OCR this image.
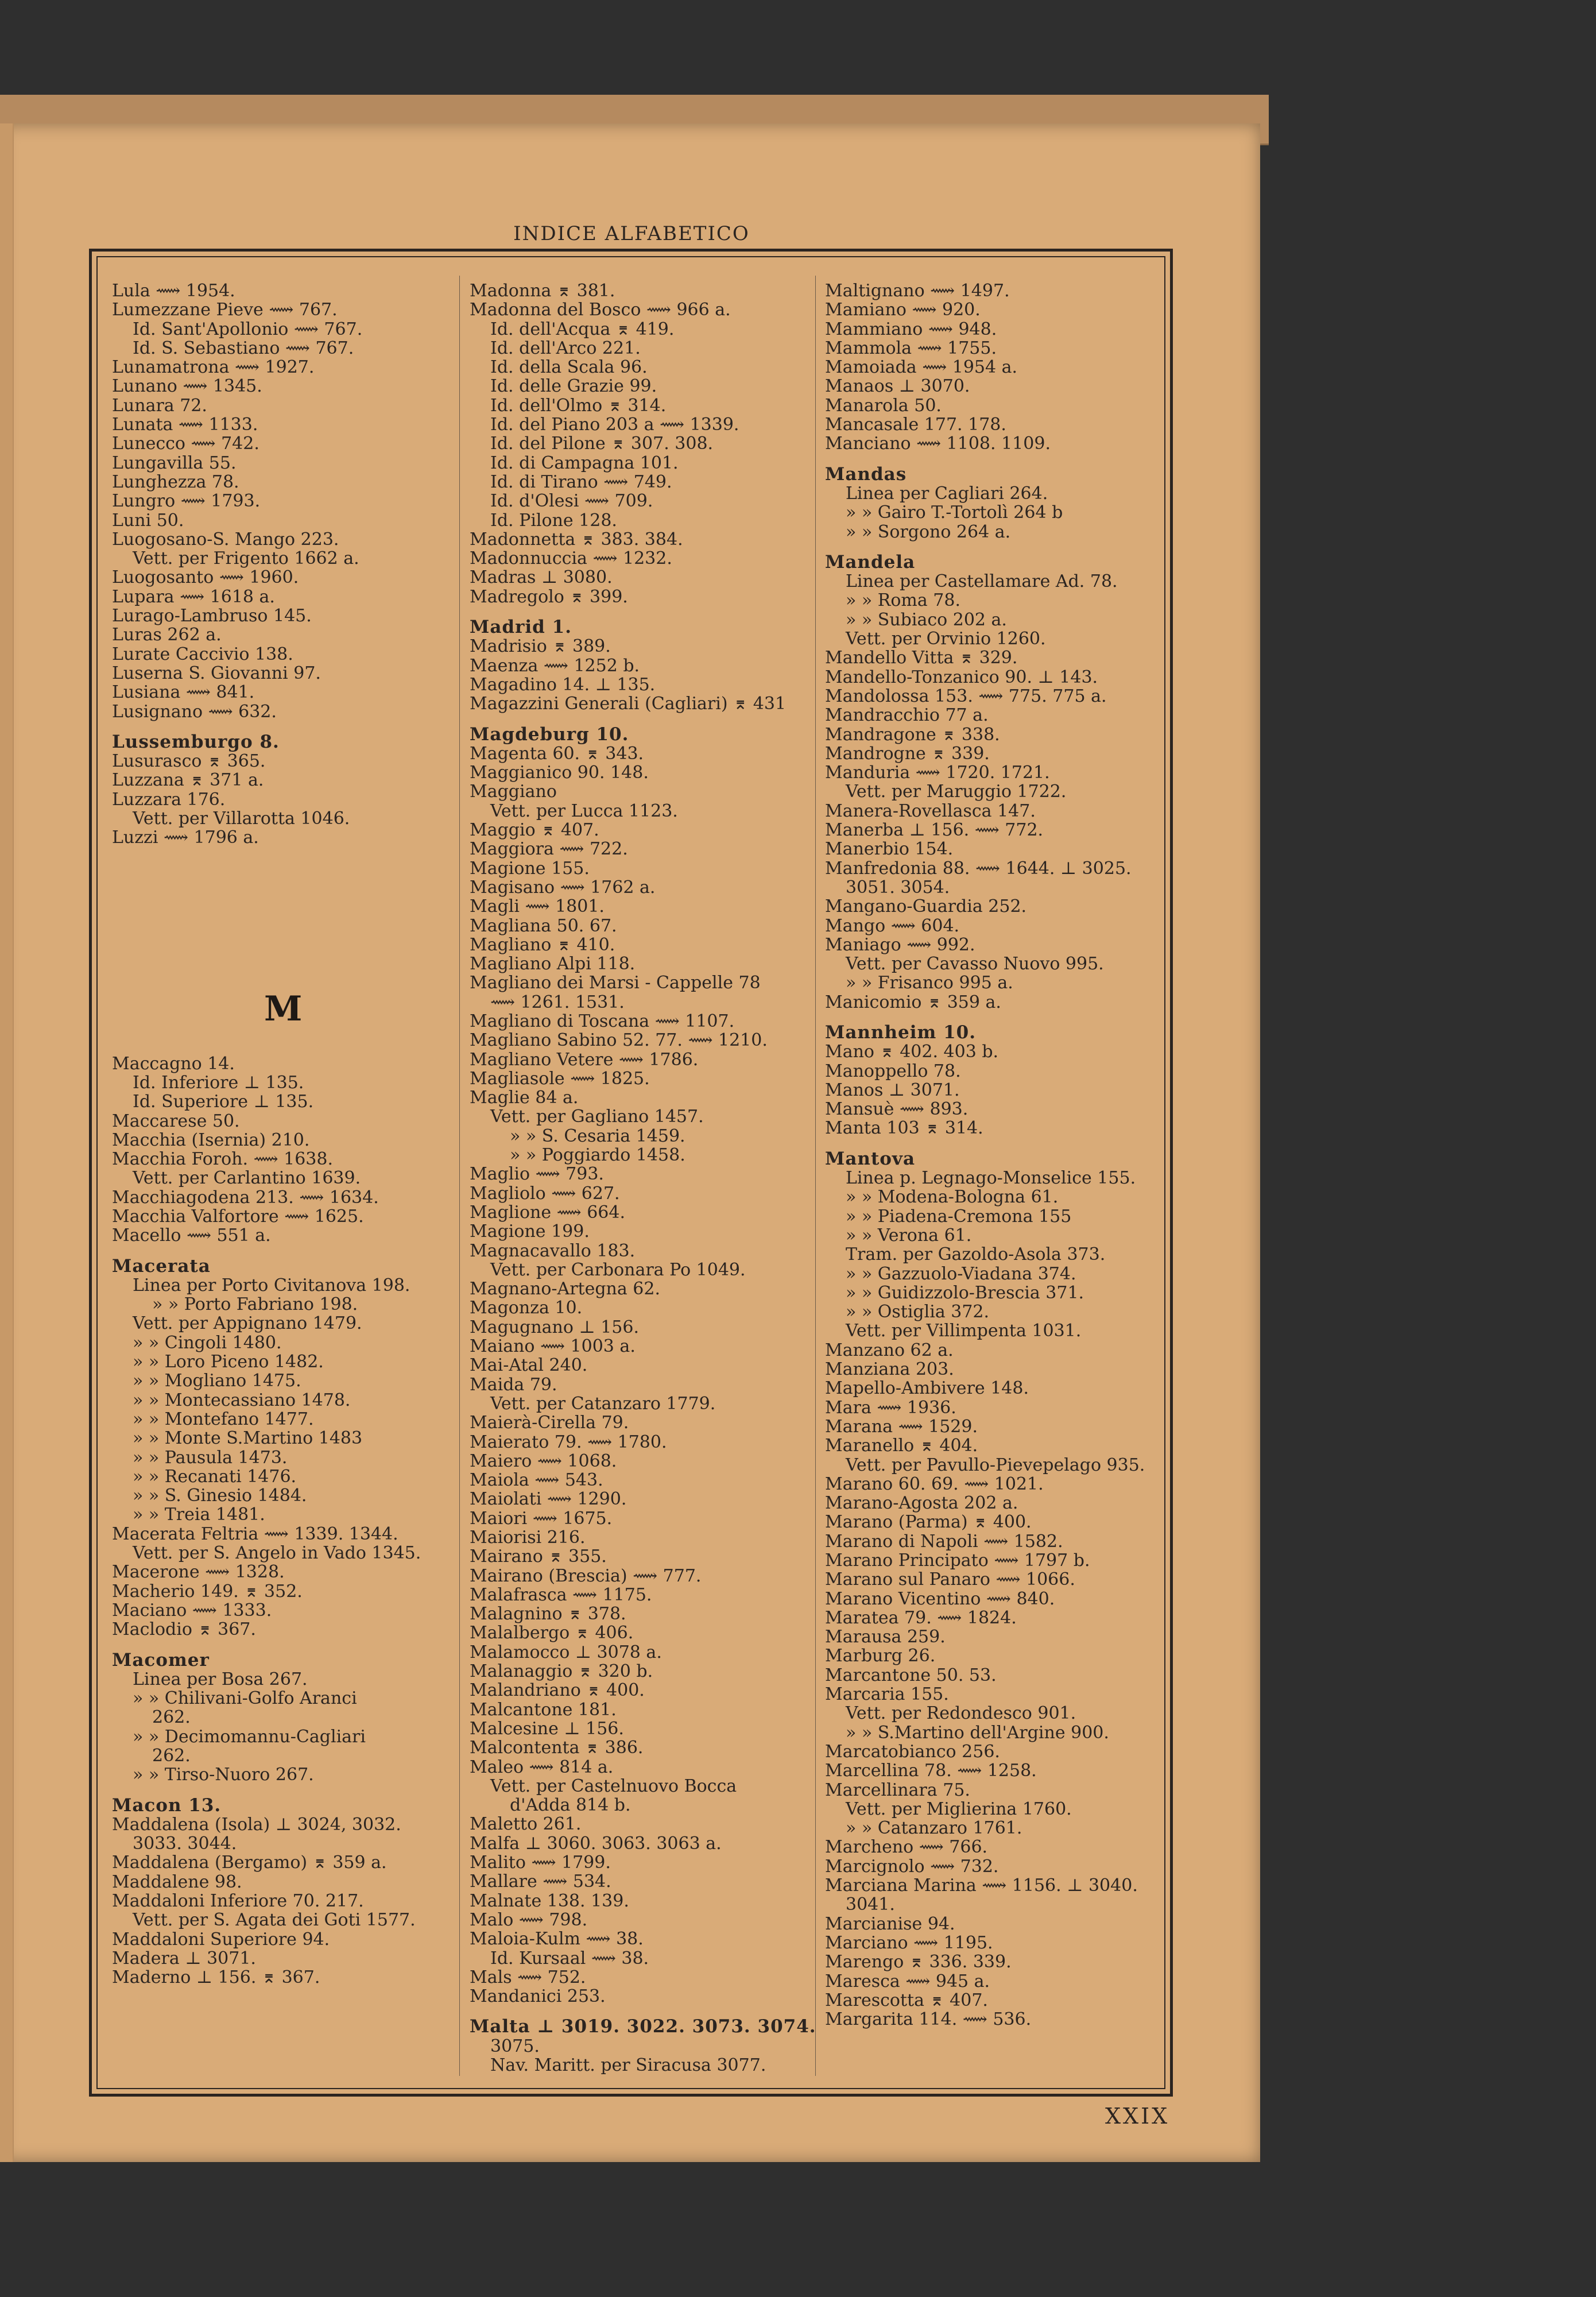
INDICE ALFABETICO
Lula ⟿ 1954.
Lumezzane Pieve ⟿ 767.
Id. Sant'Apollonio ⟿ 767.
Id. S. Sebastiano ⟿ 767.
Lunamatrona ⟿ 1927.
Lunano ⟿ 1345.
Lunara 72.
Lunata ⟿ 1133.
Lunecco ⟿ 742.
Lungavilla 55.
Lunghezza 78.
Lungro ⟿ 1793.
Luni 50.
Luogosano-S. Mango 223.
Vett. per Frigento 1662 a.
Luogosanto ⟿ 1960.
Lupara ⟿ 1618 a.
Lurago-Lambruso 145.
Luras 262 a.
Lurate Caccivio 138.
Luserna S. Giovanni 97.
Lusiana ⟿ 841.
Lusignano ⟿ 632.
Lussemburgo 8.
Lusurasco ⌆ 365.
Luzzana ⌆ 371 a.
Luzzara 176.
Vett. per Villarotta 1046.
Luzzi ⟿ 1796 a.
Maccagno 14.
Id. Inferiore ⊥ 135.
Id. Superiore ⊥ 135.
Maccarese 50.
Macchia (Isernia) 210.
Macchia Foroh. ⟿ 1638.
Vett. per Carlantino 1639.
Macchiagodena 213. ⟿ 1634.
Macchia Valfortore ⟿ 1625.
Macello ⟿ 551 a.
Macerata
Linea per Porto Civitanova 198.
» » Porto Fabriano 198.
Vett. per Appignano 1479.
» » Cingoli 1480.
» » Loro Piceno 1482.
» » Mogliano 1475.
» » Montecassiano 1478.
» » Montefano 1477.
» » Monte S.Martino 1483
» » Pausula 1473.
» » Recanati 1476.
» » S. Ginesio 1484.
» » Treia 1481.
Macerata Feltria ⟿ 1339. 1344.
Vett. per S. Angelo in Vado 1345.
Macerone ⟿ 1328.
Macherio 149. ⌆ 352.
Maciano ⟿ 1333.
Maclodio ⌆ 367.
Macomer
Linea per Bosa 267.
» » Chilivani-Golfo Aranci
262.
» » Decimomannu-Cagliari
262.
» » Tirso-Nuoro 267.
Macon 13.
Maddalena (Isola) ⊥ 3024, 3032.
3033. 3044.
Maddalena (Bergamo) ⌆ 359 a.
Maddalene 98.
Maddaloni Inferiore 70. 217.
Vett. per S. Agata dei Goti 1577.
Maddaloni Superiore 94.
Madera ⊥ 3071.
Maderno ⊥ 156. ⌆ 367.
M
Madonna ⌆ 381.
Madonna del Bosco ⟿ 966 a.
Id. dell'Acqua ⌆ 419.
Id. dell'Arco 221.
Id. della Scala 96.
Id. delle Grazie 99.
Id. dell'Olmo ⌆ 314.
Id. del Piano 203 a ⟿ 1339.
Id. del Pilone ⌆ 307. 308.
Id. di Campagna 101.
Id. di Tirano ⟿ 749.
Id. d'Olesi ⟿ 709.
Id. Pilone 128.
Madonnetta ⌆ 383. 384.
Madonnuccia ⟿ 1232.
Madras ⊥ 3080.
Madregolo ⌆ 399.
Madrid 1.
Madrisio ⌆ 389.
Maenza ⟿ 1252 b.
Magadino 14. ⊥ 135.
Magazzini Generali (Cagliari) ⌆ 431
Magdeburg 10.
Magenta 60. ⌆ 343.
Maggianico 90. 148.
Maggiano
Vett. per Lucca 1123.
Maggio ⌆ 407.
Maggiora ⟿ 722.
Magione 155.
Magisano ⟿ 1762 a.
Magli ⟿ 1801.
Magliana 50. 67.
Magliano ⌆ 410.
Magliano Alpi 118.
Magliano dei Marsi - Cappelle 78
⟿ 1261. 1531.
Magliano di Toscana ⟿ 1107.
Magliano Sabino 52. 77. ⟿ 1210.
Magliano Vetere ⟿ 1786.
Magliasole ⟿ 1825.
Maglie 84 a.
Vett. per Gagliano 1457.
» » S. Cesaria 1459.
» » Poggiardo 1458.
Maglio ⟿ 793.
Magliolo ⟿ 627.
Maglione ⟿ 664.
Magione 199.
Magnacavallo 183.
Vett. per Carbonara Po 1049.
Magnano-Artegna 62.
Magonza 10.
Magugnano ⊥ 156.
Maiano ⟿ 1003 a.
Mai-Atal 240.
Maida 79.
Vett. per Catanzaro 1779.
Maierà-Cirella 79.
Maierato 79. ⟿ 1780.
Maiero ⟿ 1068.
Maiola ⟿ 543.
Maiolati ⟿ 1290.
Maiori ⟿ 1675.
Maiorisi 216.
Mairano ⌆ 355.
Mairano (Brescia) ⟿ 777.
Malafrasca ⟿ 1175.
Malagnino ⌆ 378.
Malalbergo ⌆ 406.
Malamocco ⊥ 3078 a.
Malanaggio ⌆ 320 b.
Malandriano ⌆ 400.
Malcantone 181.
Malcesine ⊥ 156.
Malcontenta ⌆ 386.
Maleo ⟿ 814 a.
Vett. per Castelnuovo Bocca
d'Adda 814 b.
Maletto 261.
Malfa ⊥ 3060. 3063. 3063 a.
Malito ⟿ 1799.
Mallare ⟿ 534.
Malnate 138. 139.
Malo ⟿ 798.
Maloia-Kulm ⟿ 38.
Id. Kursaal ⟿ 38.
Mals ⟿ 752.
Mandanici 253.
Malta ⊥ 3019. 3022. 3073. 3074.
3075.
Nav. Maritt. per Siracusa 3077.
Maltignano ⟿ 1497.
Mamiano ⟿ 920.
Mammiano ⟿ 948.
Mammola ⟿ 1755.
Mamoiada ⟿ 1954 a.
Manaos ⊥ 3070.
Manarola 50.
Mancasale 177. 178.
Manciano ⟿ 1108. 1109.
Mandas
Linea per Cagliari 264.
» » Gairo T.-Tortolì 264 b
» » Sorgono 264 a.
Mandela
Linea per Castellamare Ad. 78.
» » Roma 78.
» » Subiaco 202 a.
Vett. per Orvinio 1260.
Mandello Vitta ⌆ 329.
Mandello-Tonzanico 90. ⊥ 143.
Mandolossa 153. ⟿ 775. 775 a.
Mandracchio 77 a.
Mandragone ⌆ 338.
Mandrogne ⌆ 339.
Manduria ⟿ 1720. 1721.
Vett. per Maruggio 1722.
Manera-Rovellasca 147.
Manerba ⊥ 156. ⟿ 772.
Manerbio 154.
Manfredonia 88. ⟿ 1644. ⊥ 3025.
3051. 3054.
Mangano-Guardia 252.
Mango ⟿ 604.
Maniago ⟿ 992.
Vett. per Cavasso Nuovo 995.
» » Frisanco 995 a.
Manicomio ⌆ 359 a.
Mannheim 10.
Mano ⌆ 402. 403 b.
Manoppello 78.
Manos ⊥ 3071.
Mansuè ⟿ 893.
Manta 103 ⌆ 314.
Mantova
Linea p. Legnago-Monselice 155.
» » Modena-Bologna 61.
» » Piadena-Cremona 155
» » Verona 61.
Tram. per Gazoldo-Asola 373.
» » Gazzuolo-Viadana 374.
» » Guidizzolo-Brescia 371.
» » Ostiglia 372.
Vett. per Villimpenta 1031.
Manzano 62 a.
Manziana 203.
Mapello-Ambivere 148.
Mara ⟿ 1936.
Marana ⟿ 1529.
Maranello ⌆ 404.
Vett. per Pavullo-Pievepelago 935.
Marano 60. 69. ⟿ 1021.
Marano-Agosta 202 a.
Marano (Parma) ⌆ 400.
Marano di Napoli ⟿ 1582.
Marano Principato ⟿ 1797 b.
Marano sul Panaro ⟿ 1066.
Marano Vicentino ⟿ 840.
Maratea 79. ⟿ 1824.
Marausa 259.
Marburg 26.
Marcantone 50. 53.
Marcaria 155.
Vett. per Redondesco 901.
» » S.Martino dell'Argine 900.
Marcatobianco 256.
Marcellina 78. ⟿ 1258.
Marcellinara 75.
Vett. per Miglierina 1760.
» » Catanzaro 1761.
Marcheno ⟿ 766.
Marcignolo ⟿ 732.
Marciana Marina ⟿ 1156. ⊥ 3040.
3041.
Marcianise 94.
Marciano ⟿ 1195.
Marengo ⌆ 336. 339.
Maresca ⟿ 945 a.
Marescotta ⌆ 407.
Margarita 114. ⟿ 536.
XXIX
